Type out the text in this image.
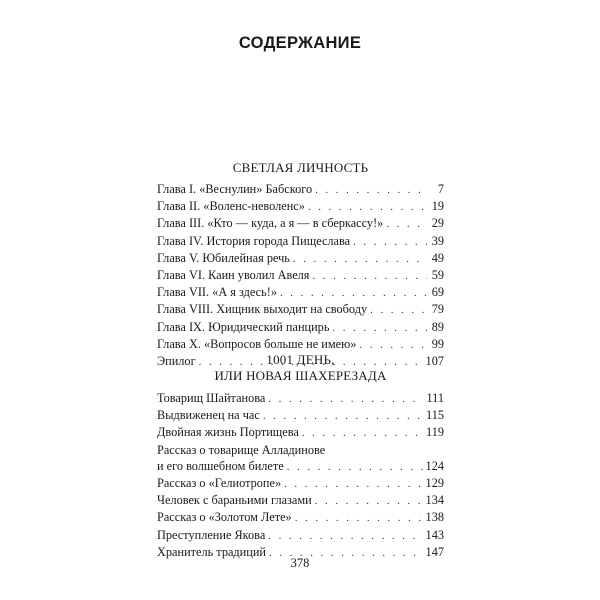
СОДЕРЖАНИЕ
СВЕТЛАЯ ЛИЧНОСТЬ
Глава I. «Веснулин» Бабского . . .	7
Глава II. «Воленс-неволенс» . . .	19
Глава III. «Кто — куда, а я — в сберкассу!» . . .	29
Глава IV. История города Пищеслава . . .	39
Глава V. Юбилейная речь . . .	49
Глава VI. Каин уволил Авеля . . .	59
Глава VII. «А я здесь!» . . .	69
Глава VIII. Хищник выходит на свободу . . .	79
Глава IX. Юридический панцирь . . .	89
Глава X. «Вопросов больше не имею» . . .	99
Эпилог . . .	107
1001 ДЕНЬ,
ИЛИ НОВАЯ ШАХЕРЕЗАДА
Товарищ Шайтанова . . .	111
Выдвиженец на час . . .	115
Двойная жизнь Портищева . . .	119
Рассказ о товарище Алладинове
и его волшебном билете . . .	124
Рассказ о «Гелиотропе» . . .	129
Человек с бараньими глазами . . .	134
Рассказ о «Золотом Лете» . . .	138
Преступление Якова . . .	143
Хранитель традиций . . .	147
378
